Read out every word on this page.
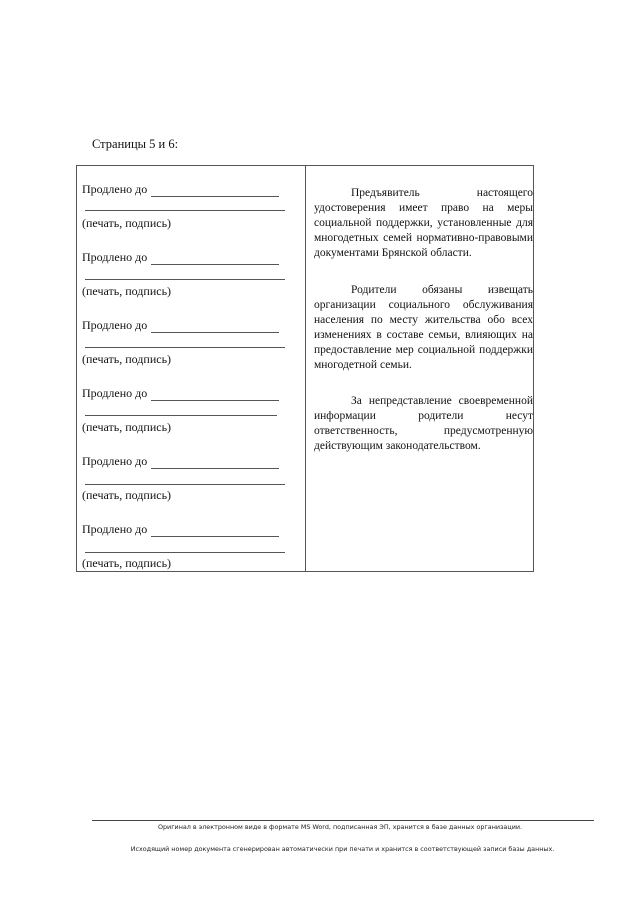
Страницы 5 и 6:
Продлено до
(печать, подпись)
Продлено до
(печать, подпись)
Продлено до
(печать, подпись)
Продлено до
(печать, подпись)
Продлено до
(печать, подпись)
Продлено до
(печать, подпись)
Предъявитель настоящего удостоверения имеет право на меры социальной поддержки, установленные для многодетных семей нормативно-правовыми документами Брянской области.
Родители обязаны извещать организации социального обслуживания населения по месту жительства обо всех изменениях в составе семьи, влияющих на предоставление мер социальной поддержки многодетной семьи.
За непредставление своевременной информации родители несут ответственность, предусмотренную действующим законодательством.
Оригинал в электронном виде в формате MS Word, подписанная ЭП, хранится в базе данных организации.
Исходящий номер документа сгенерирован автоматически при печати и хранится в соответствующей записи базы данных.
